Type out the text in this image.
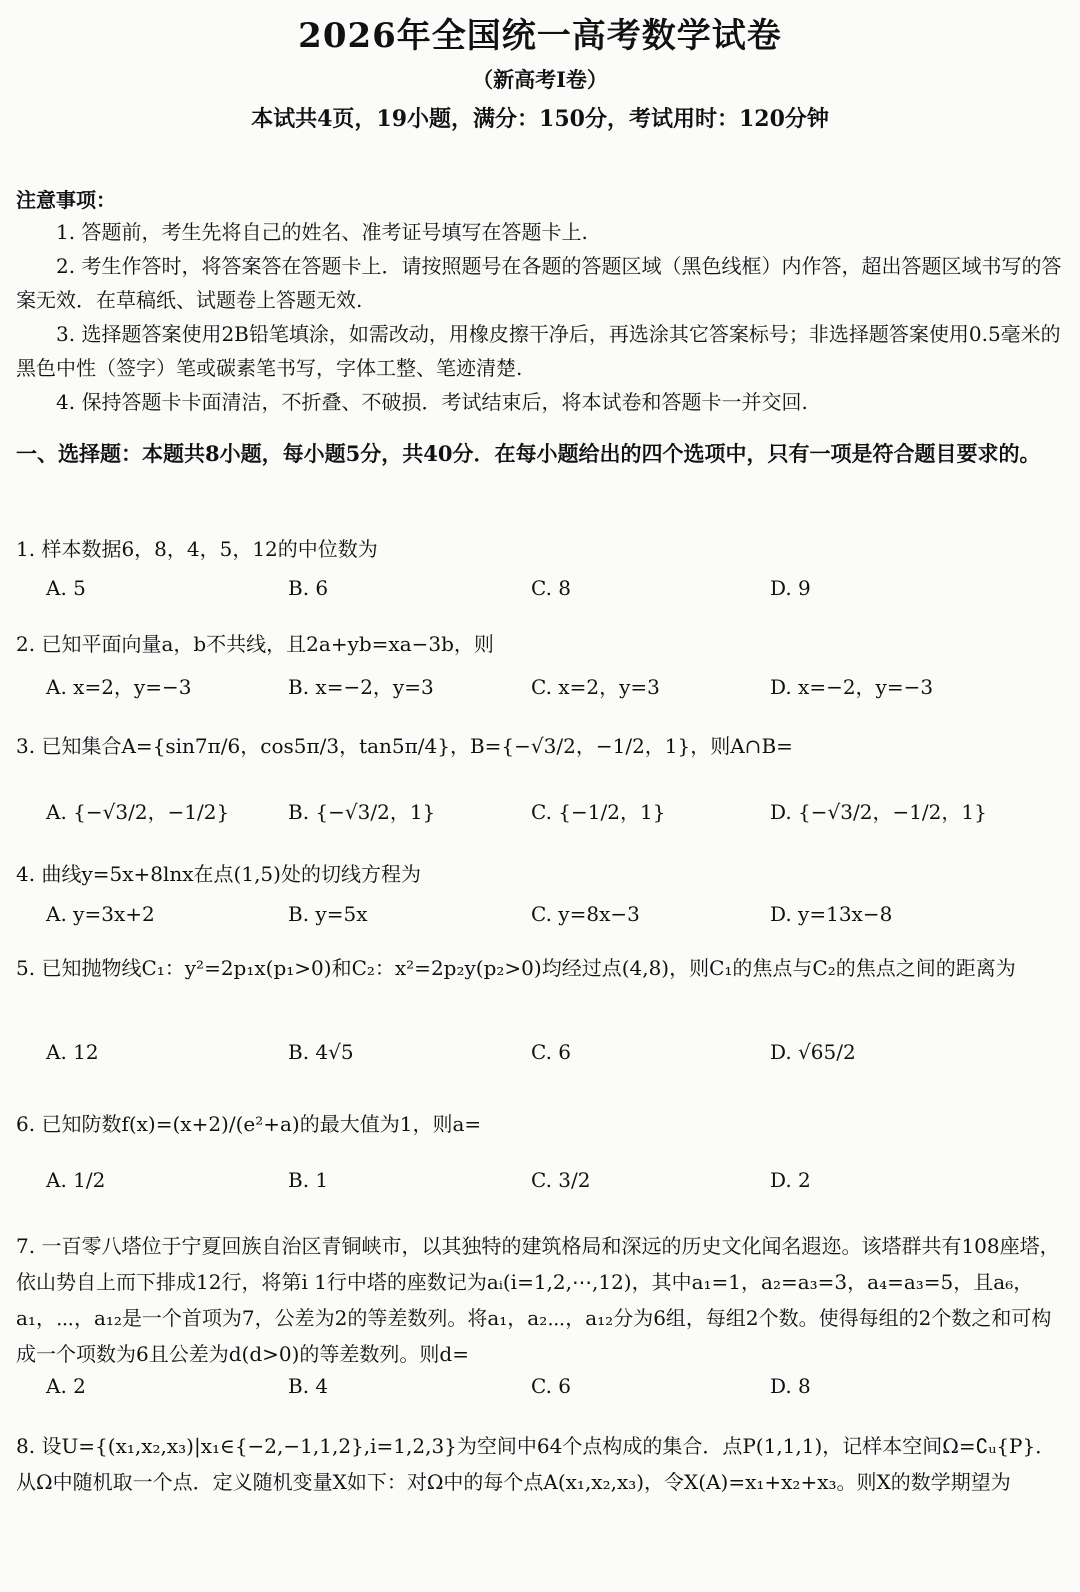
2026年全国统一高考数学试卷
（新高考Ⅰ卷）
本试共4页，19小题，满分：150分，考试用时：120分钟
注意事项：
1. 答题前，考生先将自己的姓名、准考证号填写在答题卡上.
2. 考生作答时，将答案答在答题卡上．请按照题号在各题的答题区域（黑色线框）内作答，超出答题区域书写的答案无效．在草稿纸、试题卷上答题无效.
3. 选择题答案使用2B铅笔填涂，如需改动，用橡皮擦干净后，再选涂其它答案标号；非选择题答案使用0.5毫米的黑色中性（签字）笔或碳素笔书写，字体工整、笔迹清楚.
4. 保持答题卡卡面清洁，不折叠、不破损．考试结束后，将本试卷和答题卡一并交回.
一、选择题：本题共8小题，每小题5分，共40分．在每小题给出的四个选项中，只有一项是符合题目要求的。
1. 样本数据6，8，4，5，12的中位数为
A. 5	B. 6	C. 8	D. 9
2. 已知平面向量a，b不共线，且2a+yb=xa−3b，则
A. x=2，y=−3	B. x=−2，y=3	C. x=2，y=3	D. x=−2，y=−3
3. 已知集合A={sin7π/6，cos5π/3，tan5π/4}，B={−√3/2，−1/2，1}，则A∩B=
A. {−√3/2，−1/2}	B. {−√3/2，1}	C. {−1/2，1}	D. {−√3/2，−1/2，1}
4. 曲线y=5x+8lnx在点(1,5)处的切线方程为
A. y=3x+2	B. y=5x	C. y=8x−3	D. y=13x−8
5. 已知抛物线C₁：y²=2p₁x(p₁>0)和C₂：x²=2p₂y(p₂>0)均经过点(4,8)，则C₁的焦点与C₂的焦点之间的距离为
A. 12	B. 4√5	C. 6	D. √65/2
6. 已知防数f(x)=(x+2)/(e²+a)的最大值为1，则a=
A. 1/2	B. 1	C. 3/2	D. 2
7. 一百零八塔位于宁夏回族自治区青铜峡市，以其独特的建筑格局和深远的历史文化闻名遐迩。该塔群共有108座塔，依山势自上而下排成12行，将第i 1行中塔的座数记为aᵢ(i=1,2,⋯,12)，其中a₁=1，a₂=a₃=3，a₄=a₃=5，且a₆，a₁，⋯，a₁₂是一个首项为7，公差为2的等差数列。将a₁，a₂⋯，a₁₂分为6组，每组2个数。使得每组的2个数之和可构成一个项数为6且公差为d(d>0)的等差数列。则d=
A. 2	B. 4	C. 6	D. 8
8. 设U={(x₁,x₂,x₃)|x₁∈{−2,−1,1,2},i=1,2,3}为空间中64个点构成的集合．点P(1,1,1)，记样本空间Ω=∁ᵤ{P}．从Ω中随机取一个点．定义随机变量X如下：对Ω中的每个点A(x₁,x₂,x₃)，令X(A)=x₁+x₂+x₃。则X的数学期望为
